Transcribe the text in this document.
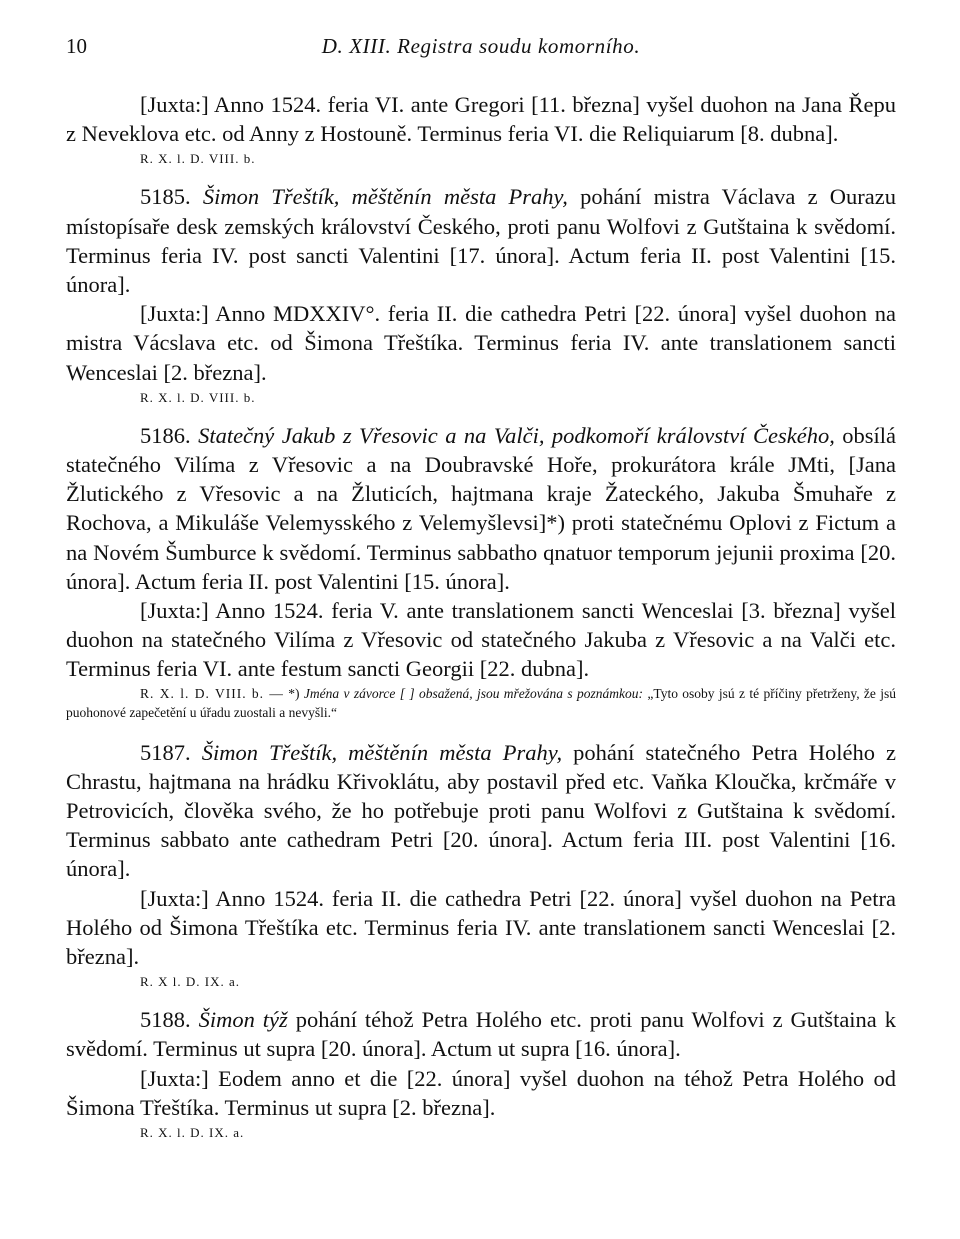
10	D. XIII. Registra soudu komorního.

[Juxta:] Anno 1524. feria VI. ante Gregori [11. března] vyšel duohon na Jana Řepu z Neveklova etc. od Anny z Hostouně. Terminus feria VI. die Reliquiarum [8. dubna].

R. X. l. D. VIII. b.

5185. Šimon Třeštík, měštěnín města Prahy, pohání mistra Václava z Ourazu místopísaře desk zemských království Českého, proti panu Wolfovi z Gutštaina k svědomí. Terminus feria IV. post sancti Valentini [17. února]. Actum feria II. post Valentini [15. února].

[Juxta:] Anno MDXXIV°. feria II. die cathedra Petri [22. února] vyšel duohon na mistra Vácslava etc. od Šimona Třeštíka. Terminus feria IV. ante translationem sancti Wenceslai [2. března].

R. X. l. D. VIII. b.

5186. Statečný Jakub z Vřesovic a na Valči, podkomoří království Českého, obsílá statečného Vilíma z Vřesovic a na Doubravské Hoře, prokurátora krále JMti, [Jana Žlutického z Vřesovic a na Žluticích, hajtmana kraje Žateckého, Jakuba Šmuhaře z Rochova, a Mikuláše Velemysského z Velemyšlevsi]*) proti statečnému Oplovi z Fictum a na Novém Šumburce k svědomí. Terminus sabbatho qnatuor temporum jejunii proxima [20. února]. Actum feria II. post Valentini [15. února].

[Juxta:] Anno 1524. feria V. ante translationem sancti Wenceslai [3. března] vyšel duohon na statečného Vilíma z Vřesovic od statečného Jakuba z Vřesovic a na Valči etc. Terminus feria VI. ante festum sancti Georgii [22. dubna].

R. X. l. D. VIII. b. — *) Jména v závorce [ ] obsažená, jsou mřežována s poznámkou: „Tyto osoby jsú z té příčiny přetrženy, že jsú puohonové zapečetění u úřadu zuostali a nevyšli.“

5187. Šimon Třeštík, měštěnín města Prahy, pohání statečného Petra Holého z Chrastu, hajtmana na hrádku Křivoklátu, aby postavil před etc. Vaňka Kloučka, krčmáře v Petrovicích, člověka svého, že ho potřebuje proti panu Wolfovi z Gutštaina k svědomí. Terminus sabbato ante cathedram Petri [20. února]. Actum feria III. post Valentini [16. února].

[Juxta:] Anno 1524. feria II. die cathedra Petri [22. února] vyšel duohon na Petra Holého od Šimona Třeštíka etc. Terminus feria IV. ante translationem sancti Wenceslai [2. března].

R. X l. D. IX. a.

5188. Šimon týž pohání téhož Petra Holého etc. proti panu Wolfovi z Gutštaina k svědomí. Terminus ut supra [20. února]. Actum ut supra [16. února].

[Juxta:] Eodem anno et die [22. února] vyšel duohon na téhož Petra Holého od Šimona Třeštíka. Terminus ut supra [2. března].

R. X. l. D. IX. a.
